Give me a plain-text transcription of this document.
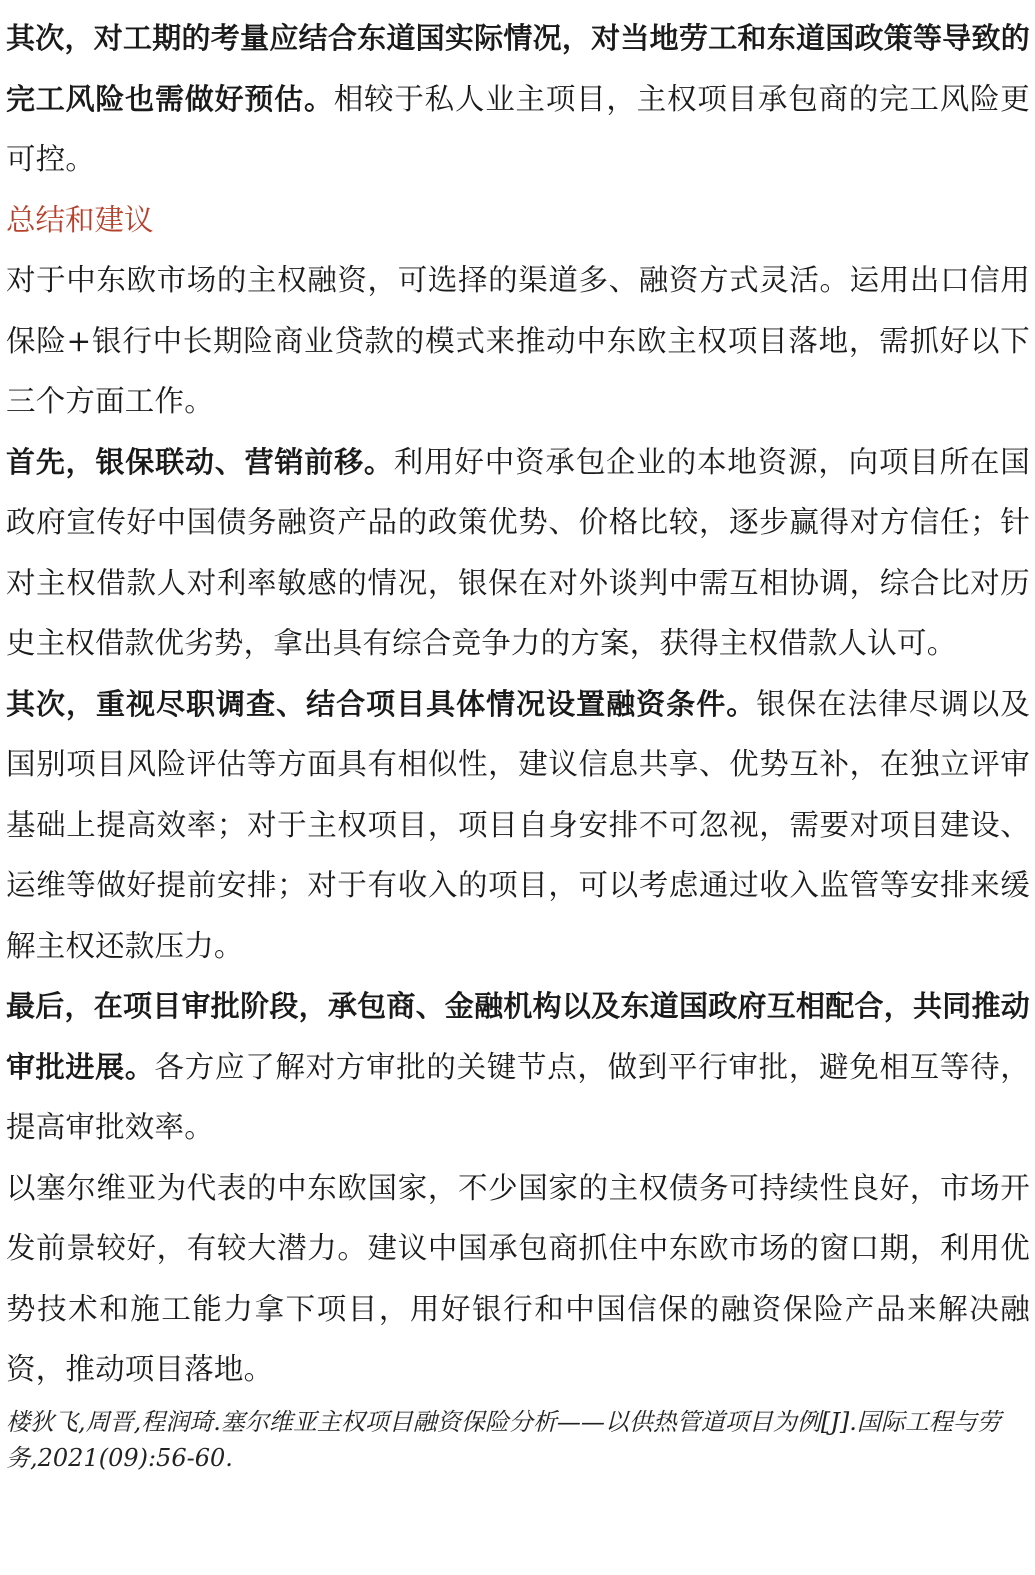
其次，对工期的考量应结合东道国实际情况，对当地劳工和东道国政策等导致的完工风险也需做好预估。相较于私人业主项目，主权项目承包商的完工风险更可控。

总结和建议

对于中东欧市场的主权融资，可选择的渠道多、融资方式灵活。运用出口信用保险+银行中长期险商业贷款的模式来推动中东欧主权项目落地，需抓好以下三个方面工作。

首先，银保联动、营销前移。利用好中资承包企业的本地资源，向项目所在国政府宣传好中国债务融资产品的政策优势、价格比较，逐步赢得对方信任；针对主权借款人对利率敏感的情况，银保在对外谈判中需互相协调，综合比对历史主权借款优劣势，拿出具有综合竞争力的方案，获得主权借款人认可。

其次，重视尽职调查、结合项目具体情况设置融资条件。银保在法律尽调以及国别项目风险评估等方面具有相似性，建议信息共享、优势互补，在独立评审基础上提高效率；对于主权项目，项目自身安排不可忽视，需要对项目建设、运维等做好提前安排；对于有收入的项目，可以考虑通过收入监管等安排来缓解主权还款压力。

最后，在项目审批阶段，承包商、金融机构以及东道国政府互相配合，共同推动审批进展。各方应了解对方审批的关键节点，做到平行审批，避免相互等待，提高审批效率。

以塞尔维亚为代表的中东欧国家，不少国家的主权债务可持续性良好，市场开发前景较好，有较大潜力。建议中国承包商抓住中东欧市场的窗口期，利用优势技术和施工能力拿下项目，用好银行和中国信保的融资保险产品来解决融资，推动项目落地。

楼狄飞,周晋,程润琦.塞尔维亚主权项目融资保险分析——以供热管道项目为例[J].国际工程与劳务,2021(09):56-60.
